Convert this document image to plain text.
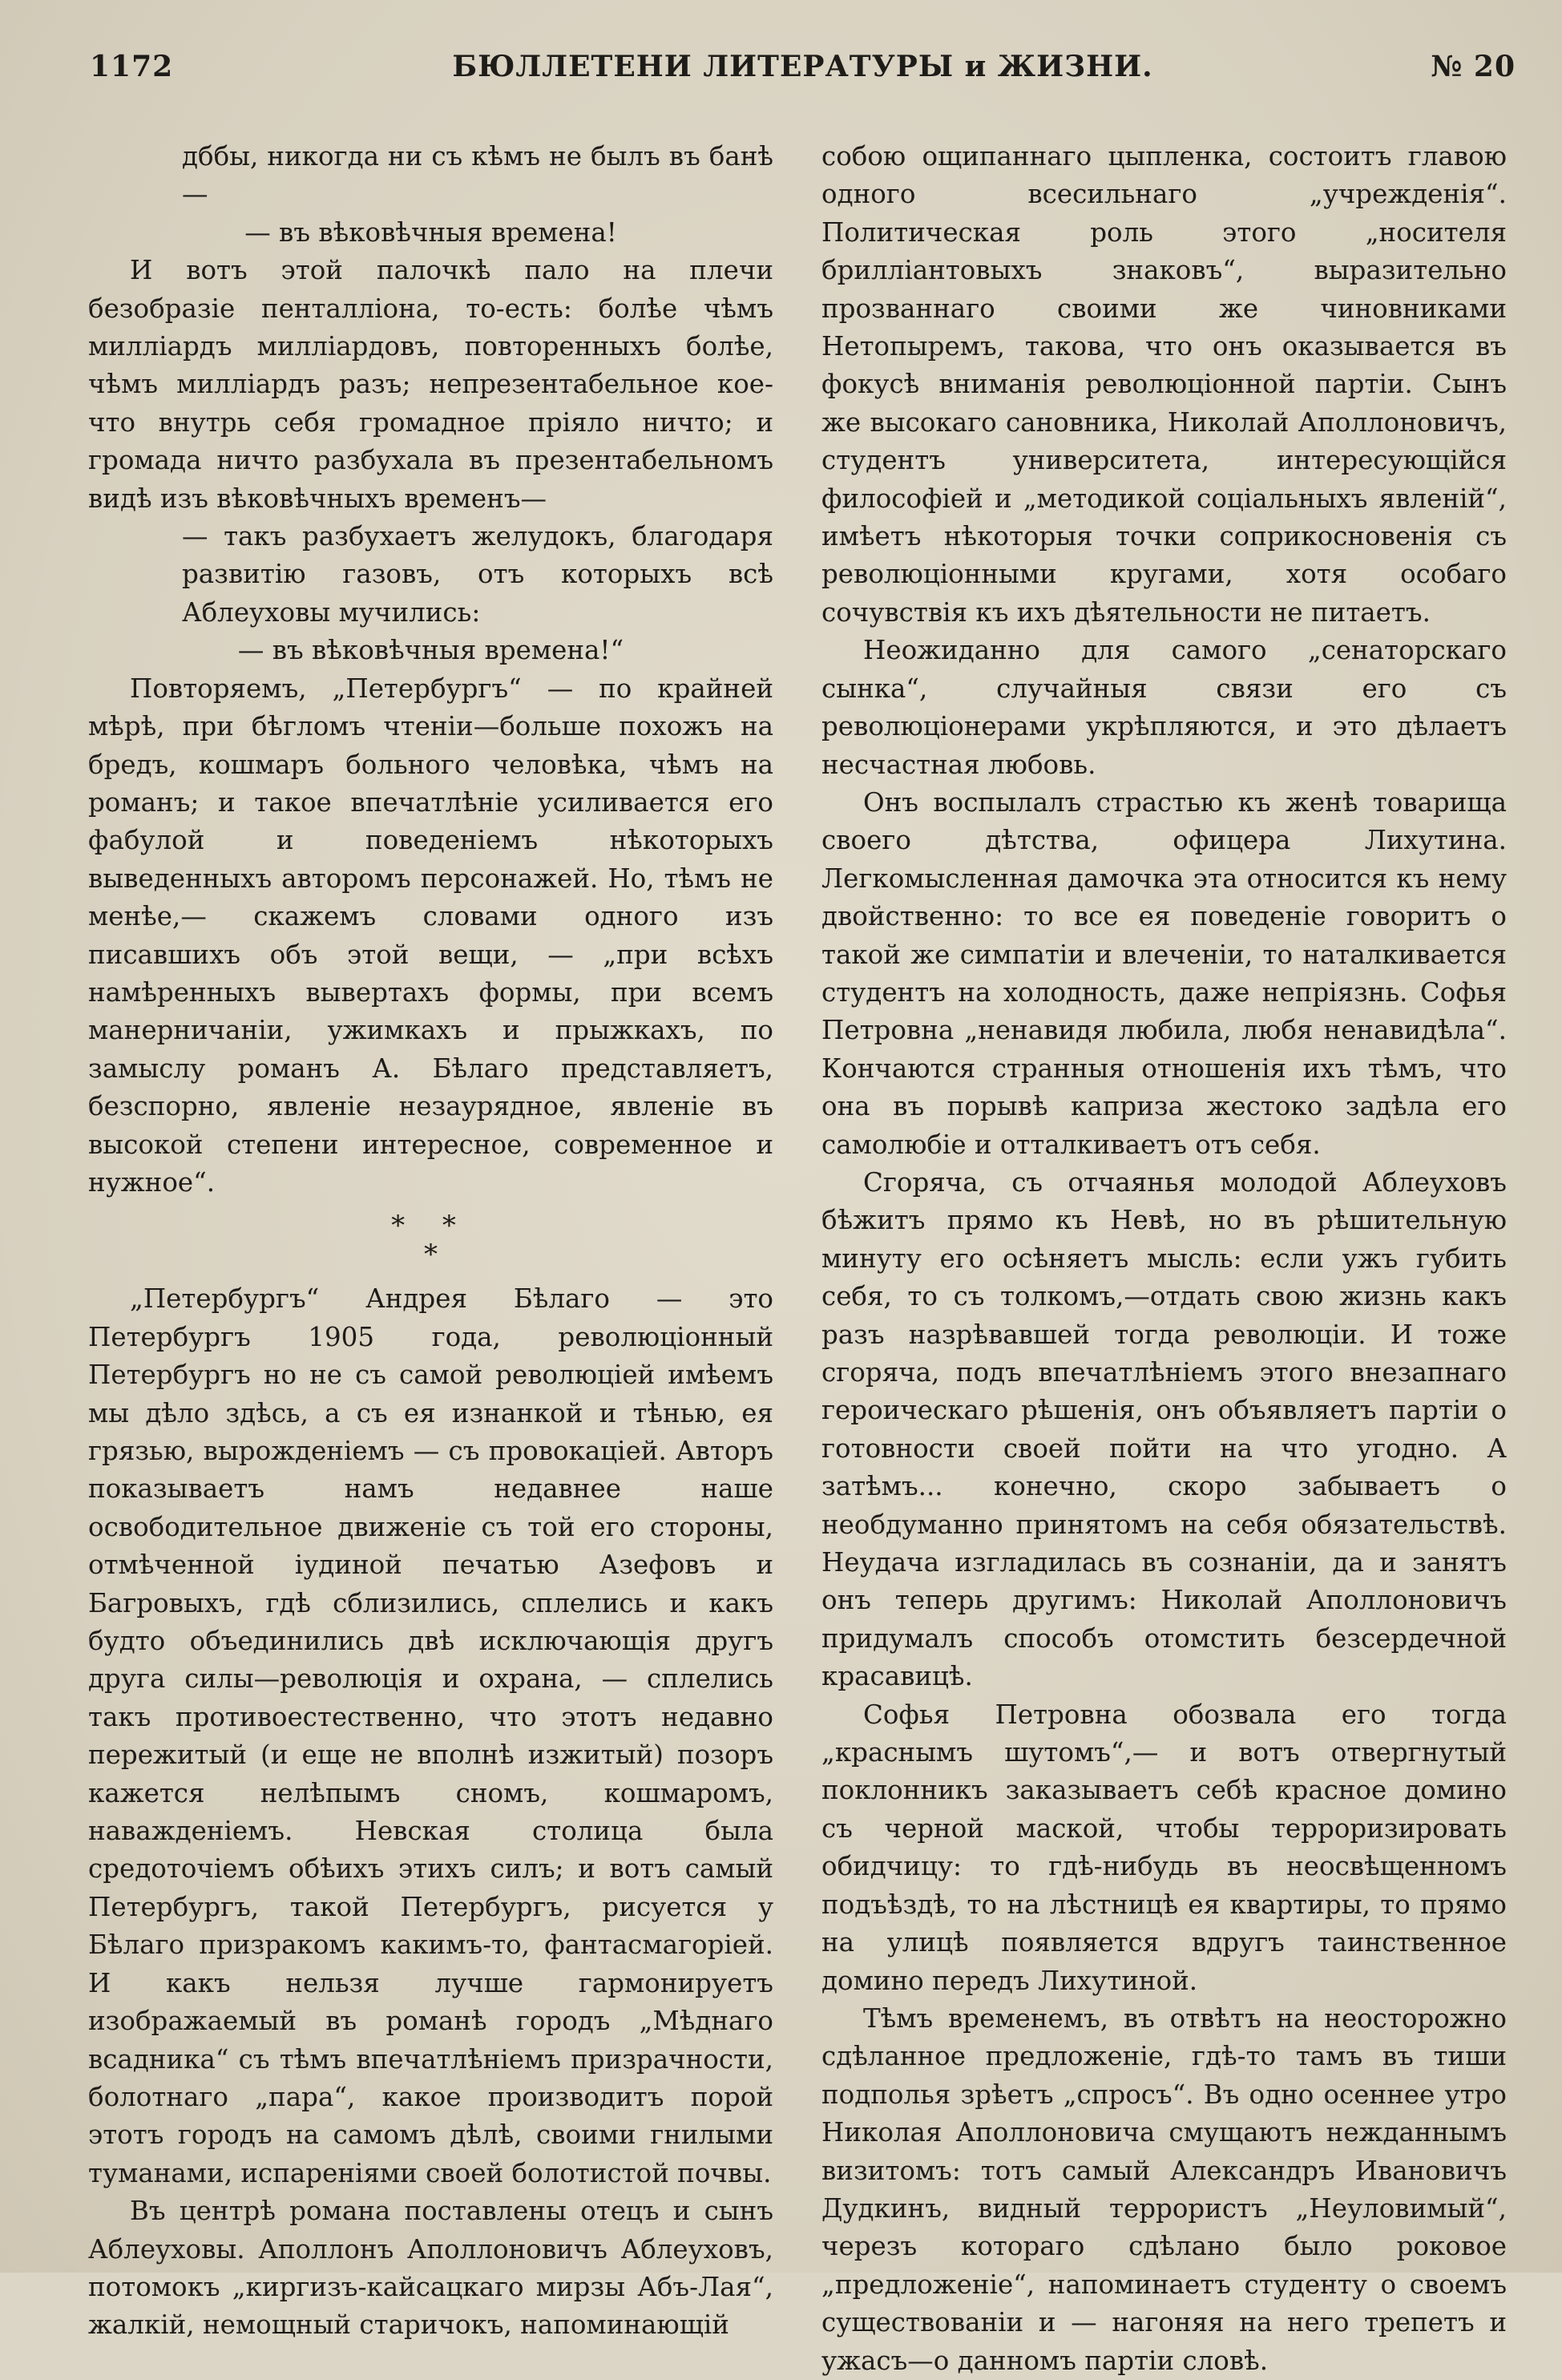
1172	БЮЛЛЕТЕНИ ЛИТЕРАТУРЫ и ЖИЗНИ.	№ 20

дббы, никогда ни съ кѣмъ не былъ въ банѣ —

— въ вѣковѣчныя времена!

И вотъ этой палочкѣ пало на плечи безобразіе пенталліона, то-есть: болѣе чѣмъ милліардъ милліардовъ, повторенныхъ болѣе, чѣмъ милліардъ разъ; непрезентабельное кое-что внутрь себя громадное пріяло ничто; и громада ничто разбухала въ презентабельномъ видѣ изъ вѣковѣчныхъ временъ—

— такъ разбухаетъ желудокъ, благодаря развитію газовъ, отъ которыхъ всѣ Аблеуховы мучились:

— въ вѣковѣчныя времена!“

Повторяемъ, „Петербургъ“ — по крайней мѣрѣ, при бѣгломъ чтеніи—больше похожъ на бредъ, кошмаръ больного человѣка, чѣмъ на романъ; и такое впечатлѣніе усиливается его фабулой и поведеніемъ нѣкоторыхъ выведенныхъ авторомъ персонажей. Но, тѣмъ не менѣе,— скажемъ словами одного изъ писавшихъ объ этой вещи, — „при всѣхъ намѣренныхъ вывертахъ формы, при всемъ манерничаніи, ужимкахъ и прыжкахъ, по замыслу романъ А. Бѣлаго представляетъ, безспорно, явленіе незаурядное, явленіе въ высокой степени интересное, современное и нужное“.

* *
*

„Петербургъ“ Андрея Бѣлаго — это Петербургъ 1905 года, революціонный Петербургъ но не съ самой революціей имѣемъ мы дѣло здѣсь, а съ ея изнанкой и тѣнью, ея грязью, вырожденіемъ — съ провокаціей. Авторъ показываетъ намъ недавнее наше освободительное движеніе съ той его стороны, отмѣченной іудиной печатью Азефовъ и Багровыхъ, гдѣ сблизились, сплелись и какъ будто объединились двѣ исключающія другъ друга силы—революція и охрана, — сплелись такъ противоестественно, что этотъ недавно пережитый (и еще не вполнѣ изжитый) позоръ кажется нелѣпымъ сномъ, кошмаромъ, наважденіемъ. Невская столица была средоточіемъ обѣихъ этихъ силъ; и вотъ самый Петербургъ, такой Петербургъ, рисуется у Бѣлаго призракомъ какимъ-то, фантасмагоріей. И какъ нельзя лучше гармонируетъ изображаемый въ романѣ городъ „Мѣднаго всадника“ съ тѣмъ впечатлѣніемъ призрачности, болотнаго „пара“, какое производитъ порой этотъ городъ на самомъ дѣлѣ, своими гнилыми туманами, испареніями своей болотистой почвы.

Въ центрѣ романа поставлены отецъ и сынъ Аблеуховы. Аполлонъ Аполлоновичъ Аблеуховъ, потомокъ „киргизъ-кайсацкаго мирзы Абъ-Лая“, жалкій, немощный старичокъ, напоминающій

собою ощипаннаго цыпленка, состоитъ главою одного всесильнаго „учрежденія“. Политическая роль этого „носителя брилліантовыхъ знаковъ“, выразительно прозваннаго своими же чиновниками Нетопыремъ, такова, что онъ оказывается въ фокусѣ вниманія революціонной партіи. Сынъ же высокаго сановника, Николай Аполлоновичъ, студентъ университета, интересующійся философіей и „методикой соціальныхъ явленій“, имѣетъ нѣкоторыя точки соприкосновенія съ революціонными кругами, хотя особаго сочувствія къ ихъ дѣятельности не питаетъ.

Неожиданно для самого „сенаторскаго сынка“, случайныя связи его съ революціонерами укрѣпляются, и это дѣлаетъ несчастная любовь.

Онъ воспылалъ страстью къ женѣ товарища своего дѣтства, офицера Лихутина. Легкомысленная дамочка эта относится къ нему двойственно: то все ея поведеніе говоритъ о такой же симпатіи и влеченіи, то наталкивается студентъ на холодность, даже непріязнь. Софья Петровна „ненавидя любила, любя ненавидѣла“. Кончаются странныя отношенія ихъ тѣмъ, что она въ порывѣ каприза жестоко задѣла его самолюбіе и отталкиваетъ отъ себя.

Сгоряча, съ отчаянья молодой Аблеуховъ бѣжитъ прямо къ Невѣ, но въ рѣшительную минуту его осѣняетъ мысль: если ужъ губить себя, то съ толкомъ,—отдать свою жизнь какъ разъ назрѣвавшей тогда революціи. И тоже сгоряча, подъ впечатлѣніемъ этого внезапнаго героическаго рѣшенія, онъ объявляетъ партіи о готовности своей пойти на что угодно. А затѣмъ... конечно, скоро забываетъ о необдуманно принятомъ на себя обязательствѣ. Неудача изгладилась въ сознаніи, да и занятъ онъ теперь другимъ: Николай Аполлоновичъ придумалъ способъ отомстить безсердечной красавицѣ.

Софья Петровна обозвала его тогда „краснымъ шутомъ“,— и вотъ отвергнутый поклонникъ заказываетъ себѣ красное домино съ черной маской, чтобы терроризировать обидчицу: то гдѣ-нибудь въ неосвѣщенномъ подъѣздѣ, то на лѣстницѣ ея квартиры, то прямо на улицѣ появляется вдругъ таинственное домино передъ Лихутиной.

Тѣмъ временемъ, въ отвѣтъ на неосторожно сдѣланное предложеніе, гдѣ-то тамъ въ тиши подполья зрѣетъ „спросъ“. Въ одно осеннее утро Николая Аполлоновича смущаютъ нежданнымъ визитомъ: тотъ самый Александръ Ивановичъ Дудкинъ, видный террористъ „Неуловимый“, черезъ котораго сдѣлано было роковое „предложеніе“, напоминаетъ студенту о своемъ существованіи и — нагоняя на него трепетъ и ужасъ—о данномъ партіи словѣ.
